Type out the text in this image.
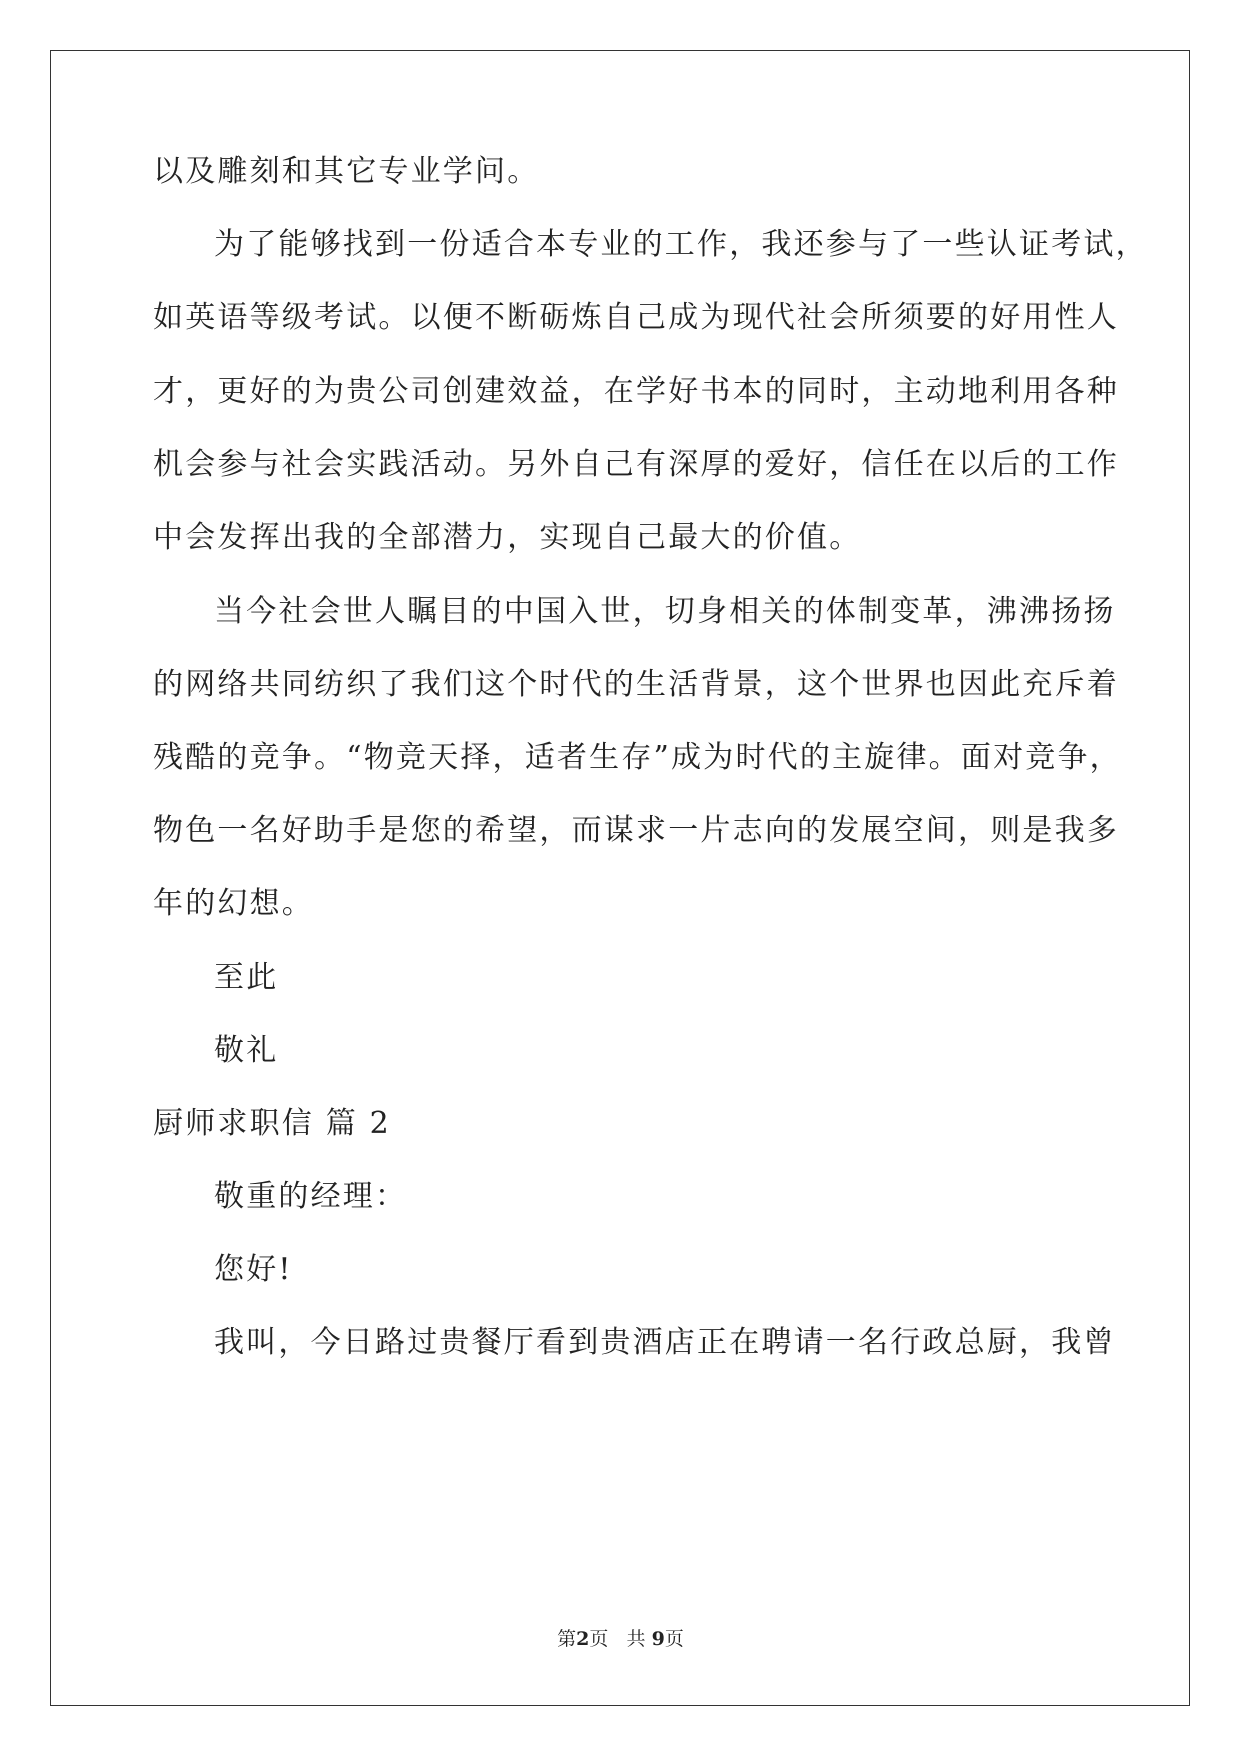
以及雕刻和其它专业学问。
为了能够找到一份适合本专业的工作，我还参与了一些认证考试，
如英语等级考试。以便不断砺炼自己成为现代社会所须要的好用性人
才，更好的为贵公司创建效益，在学好书本的同时，主动地利用各种
机会参与社会实践活动。另外自己有深厚的爱好，信任在以后的工作
中会发挥出我的全部潜力，实现自己最大的价值。
当今社会世人瞩目的中国入世，切身相关的体制变革，沸沸扬扬
的网络共同纺织了我们这个时代的生活背景，这个世界也因此充斥着
残酷的竞争。“物竞天择，适者生存”成为时代的主旋律。面对竞争，
物色一名好助手是您的希望，而谋求一片志向的发展空间，则是我多
年的幻想。
至此
敬礼
厨师求职信 篇 2
敬重的经理：
您好!
我叫，今日路过贵餐厅看到贵酒店正在聘请一名行政总厨，我曾
第2页 共 9页
